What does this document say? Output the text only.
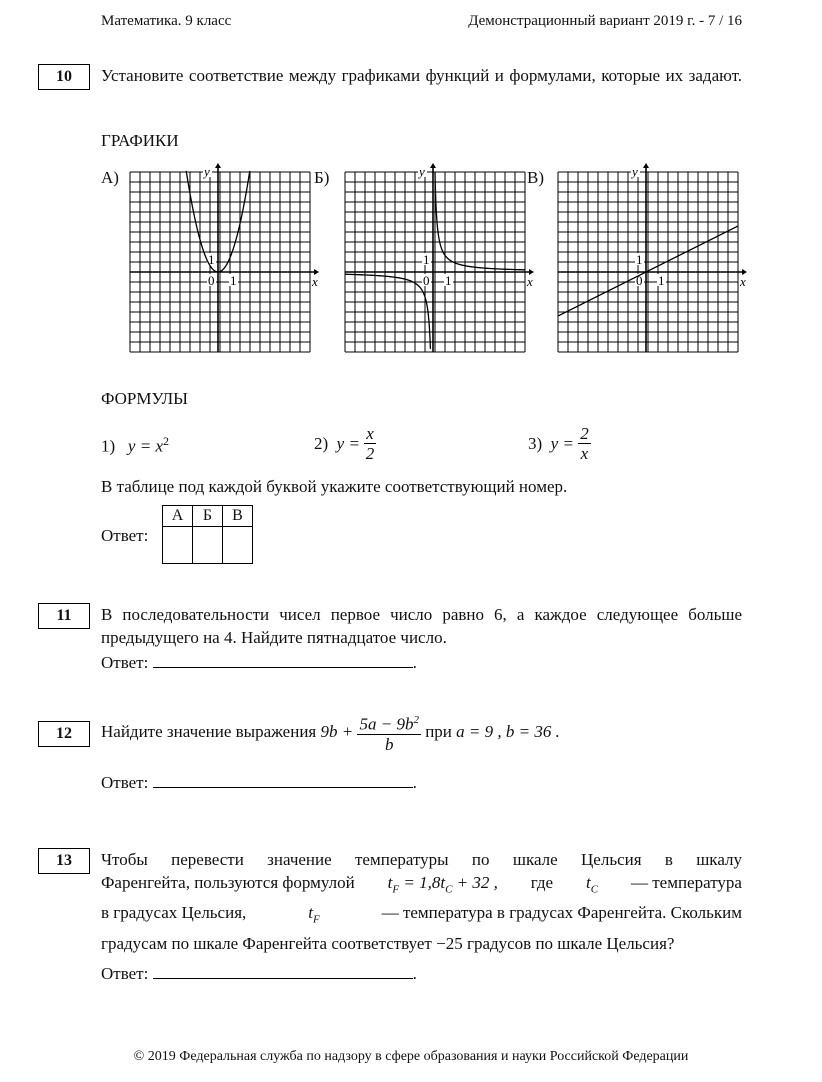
Математика. 9 класс	Демонстрационный вариант 2019 г. - 7 / 16
10	Установите соответствие между графиками функций и формулами, которые их задают.
ГРАФИКИ
А)	Б)	В)
0 1
1
x
y
0 1
1
x
y
0 1
1
x
y
ФОРМУЛЫ
1) $y = x^2$	2)
y =
$\frac{x}{2}$	3)
y =
$\frac{2}{x}$
В таблице под каждой буквой укажите соответствующий номер.
Ответ:
А	Б	В

11	В последовательности чисел первое число равно 6, а каждое следующее больше предыдущего на 4. Найдите пятнадцатое число.
Ответ:	.
12	Найдите значение выражения
9b +
$\frac{5a - 9b^2}{b}$
при
a = 9 , b = 36 .
Ответ:	.
13	Чтобы перевести значение температуры по шкале Цельсия в шкалу
Фаренгейта, пользуются формулой $t_F = 1,8t_C + 32$ , где $t_C$ — температура
в градусах Цельсия,	$t_F$	— температура в градусах Фаренгейта. Скольким
градусам по шкале Фаренгейта соответствует −25 градусов по шкале Цельсия?
Ответ:	.
© 2019 Федеральная служба по надзору в сфере образования и науки Российской Федерации
